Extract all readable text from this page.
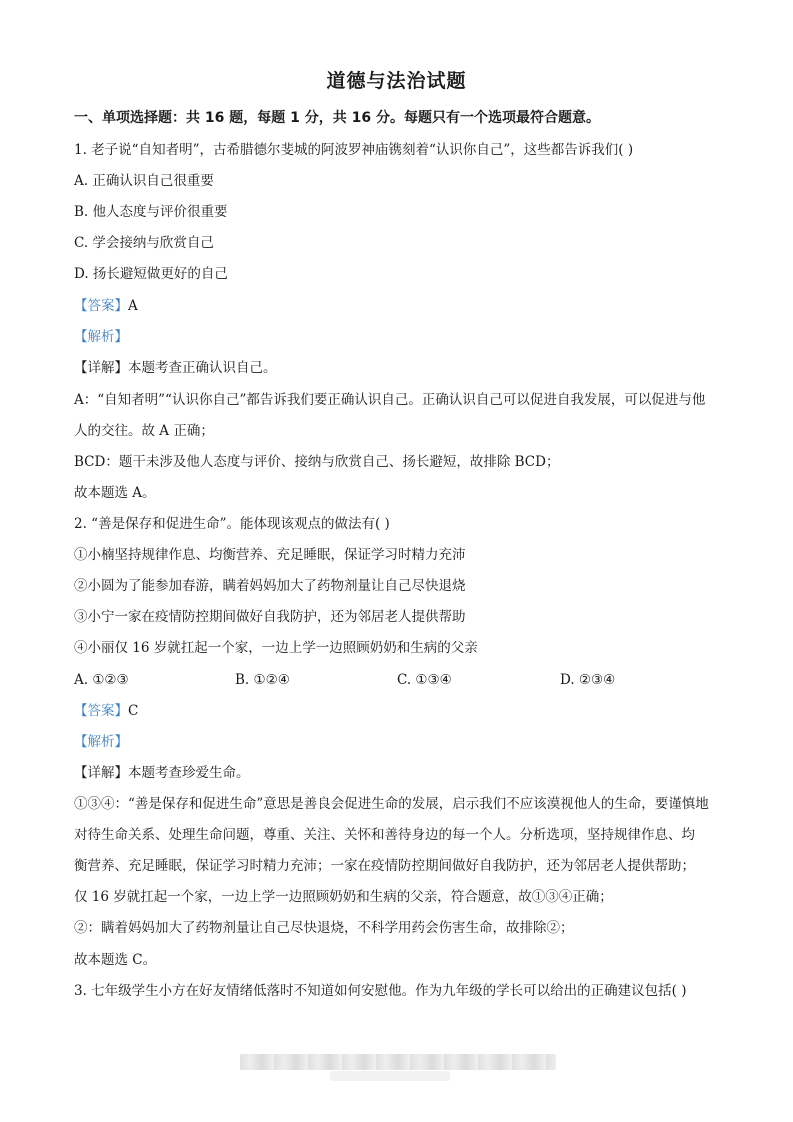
道德与法治试题
一、单项选择题：共 16 题，每题 1 分，共 16 分。每题只有一个选项最符合题意。
1. 老子说“自知者明”，古希腊德尔斐城的阿波罗神庙镌刻着“认识你自己”，这些都告诉我们( )
A. 正确认识自己很重要
B. 他人态度与评价很重要
C. 学会接纳与欣赏自己
D. 扬长避短做更好的自己
【答案】A
【解析】
【详解】本题考查正确认识自己。
A：“自知者明”“认识你自己”都告诉我们要正确认识自己。正确认识自己可以促进自我发展，可以促进与他
人的交往。故 A 正确；
BCD：题干未涉及他人态度与评价、接纳与欣赏自己、扬长避短，故排除 BCD；
故本题选 A。
2. “善是保存和促进生命”。能体现该观点的做法有( )
①小楠坚持规律作息、均衡营养、充足睡眠，保证学习时精力充沛
②小圆为了能参加春游，瞒着妈妈加大了药物剂量让自己尽快退烧
③小宁一家在疫情防控期间做好自我防护，还为邻居老人提供帮助
④小丽仅 16 岁就扛起一个家，一边上学一边照顾奶奶和生病的父亲
A. ①②③	B. ①②④	C. ①③④	D. ②③④
【答案】C
【解析】
【详解】本题考查珍爱生命。
①③④：“善是保存和促进生命”意思是善良会促进生命的发展，启示我们不应该漠视他人的生命，要谨慎地
对待生命关系、处理生命问题，尊重、关注、关怀和善待身边的每一个人。分析选项，坚持规律作息、均
衡营养、充足睡眠，保证学习时精力充沛；一家在疫情防控期间做好自我防护，还为邻居老人提供帮助；
仅 16 岁就扛起一个家，一边上学一边照顾奶奶和生病的父亲，符合题意，故①③④正确；
②：瞒着妈妈加大了药物剂量让自己尽快退烧，不科学用药会伤害生命，故排除②；
故本题选 C。
3. 七年级学生小方在好友情绪低落时不知道如何安慰他。作为九年级的学长可以给出的正确建议包括( )
